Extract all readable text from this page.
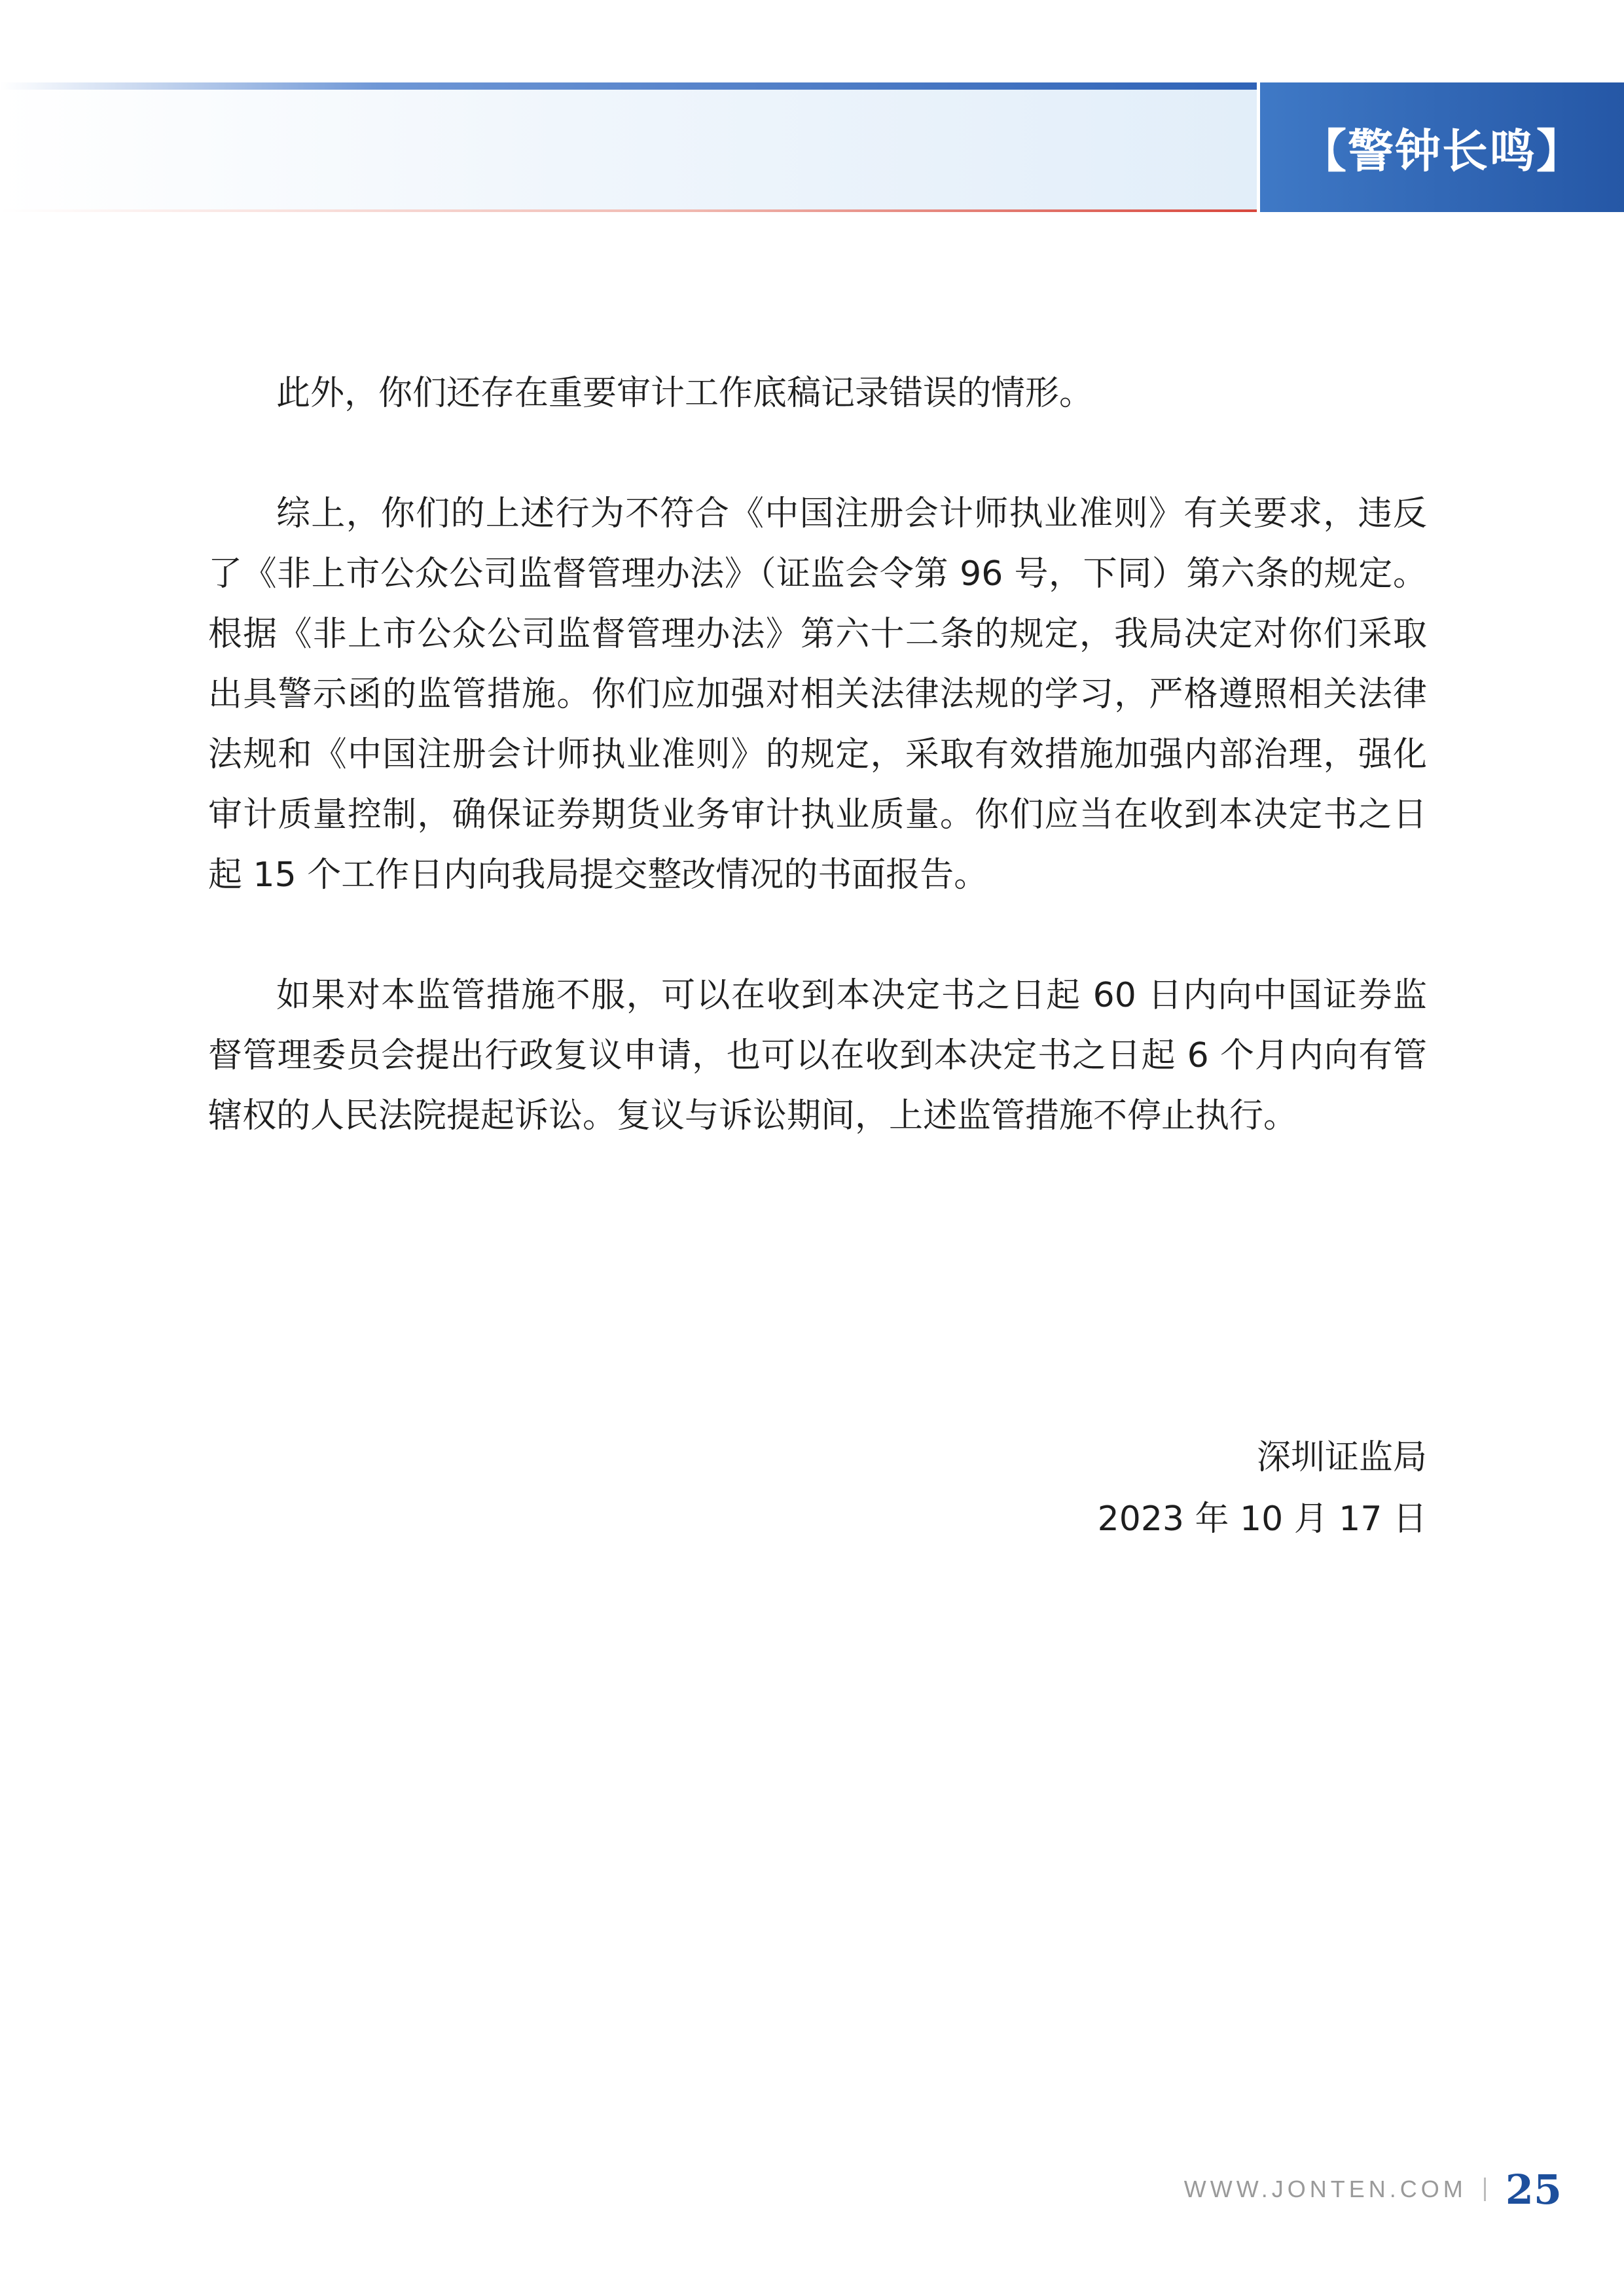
【警钟长鸣】

此外，你们还存在重要审计工作底稿记录错误的情形。

综上，你们的上述行为不符合《中国注册会计师执业准则》有关要求，违反了《非上市公众公司监督管理办法》（证监会令第 96 号，下同）第六条的规定。根据《非上市公众公司监督管理办法》第六十二条的规定，我局决定对你们采取出具警示函的监管措施。你们应加强对相关法律法规的学习，严格遵照相关法律法规和《中国注册会计师执业准则》的规定，采取有效措施加强内部治理，强化审计质量控制，确保证券期货业务审计执业质量。你们应当在收到本决定书之日起 15 个工作日内向我局提交整改情况的书面报告。

如果对本监管措施不服，可以在收到本决定书之日起 60 日内向中国证券监督管理委员会提出行政复议申请，也可以在收到本决定书之日起 6 个月内向有管辖权的人民法院提起诉讼。复议与诉讼期间，上述监管措施不停止执行。

深圳证监局
2023 年 10 月 17 日
WWW.JONTEN.COM 25
